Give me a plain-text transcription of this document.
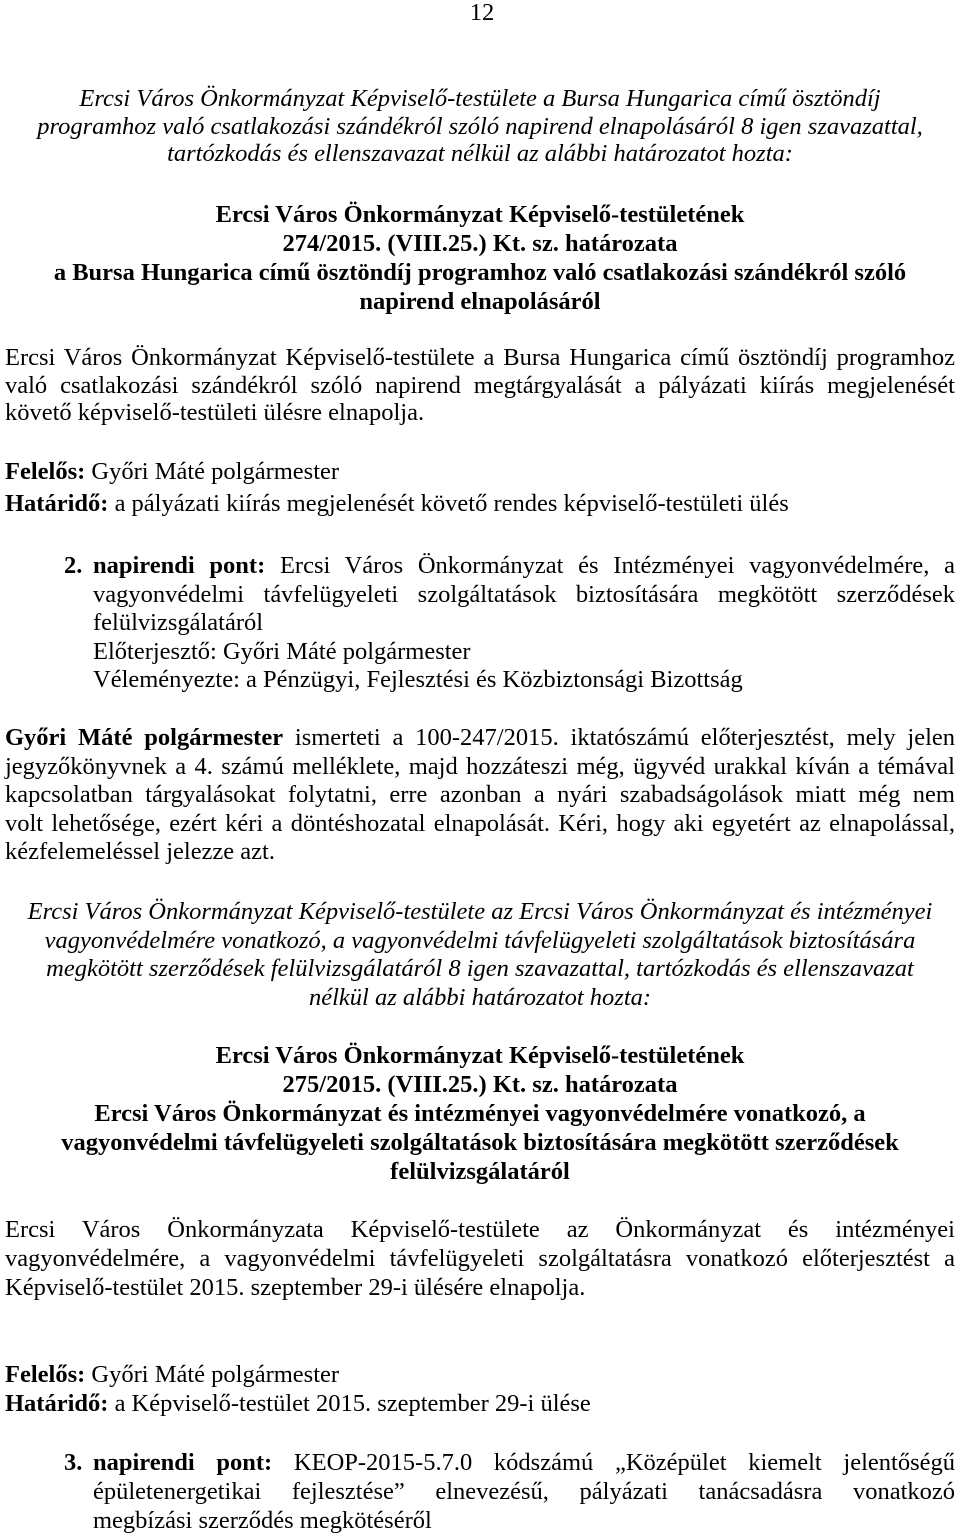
12
Ercsi Város Önkormányzat Képviselő-testülete a Bursa Hungarica című ösztöndíj
programhoz való csatlakozási szándékról szóló napirend elnapolásáról 8 igen szavazattal,
tartózkodás és ellenszavazat nélkül az alábbi határozatot hozta:
Ercsi Város Önkormányzat Képviselő-testületének
274/2015. (VIII.25.) Kt. sz. határozata
a Bursa Hungarica című ösztöndíj programhoz való csatlakozási szándékról szóló
napirend elnapolásáról
Ercsi Város Önkormányzat Képviselő-testülete a Bursa Hungarica című ösztöndíj programhoz
való csatlakozási szándékról szóló napirend megtárgyalását a pályázati kiírás megjelenését
követő képviselő-testületi ülésre elnapolja.
Felelős: Győri Máté polgármester
Határidő: a pályázati kiírás megjelenését követő rendes képviselő-testületi ülés
2. napirendi pont: Ercsi Város Önkormányzat és Intézményei vagyonvédelmére, a
vagyonvédelmi távfelügyeleti szolgáltatások biztosítására megkötött szerződések
felülvizsgálatáról
Előterjesztő: Győri Máté polgármester
Véleményezte: a Pénzügyi, Fejlesztési és Közbiztonsági Bizottság
Győri Máté polgármester ismerteti a 100-247/2015. iktatószámú előterjesztést, mely jelen
jegyzőkönyvnek a 4. számú melléklete, majd hozzáteszi még, ügyvéd urakkal kíván a témával
kapcsolatban tárgyalásokat folytatni, erre azonban a nyári szabadságolások miatt még nem
volt lehetősége, ezért kéri a döntéshozatal elnapolását. Kéri, hogy aki egyetért az elnapolással,
kézfelemeléssel jelezze azt.
Ercsi Város Önkormányzat Képviselő-testülete az Ercsi Város Önkormányzat és intézményei
vagyonvédelmére vonatkozó, a vagyonvédelmi távfelügyeleti szolgáltatások biztosítására
megkötött szerződések felülvizsgálatáról 8 igen szavazattal, tartózkodás és ellenszavazat
nélkül az alábbi határozatot hozta:
Ercsi Város Önkormányzat Képviselő-testületének
275/2015. (VIII.25.) Kt. sz. határozata
Ercsi Város Önkormányzat és intézményei vagyonvédelmére vonatkozó, a
vagyonvédelmi távfelügyeleti szolgáltatások biztosítására megkötött szerződések
felülvizsgálatáról
Ercsi Város Önkormányzata Képviselő-testülete az Önkormányzat és intézményei
vagyonvédelmére, a vagyonvédelmi távfelügyeleti szolgáltatásra vonatkozó előterjesztést a
Képviselő-testület 2015. szeptember 29-i ülésére elnapolja.
Felelős: Győri Máté polgármester
Határidő: a Képviselő-testület 2015. szeptember 29-i ülése
3. napirendi pont: KEOP-2015-5.7.0 kódszámú „Középület kiemelt jelentőségű
épületenergetikai fejlesztése” elnevezésű, pályázati tanácsadásra vonatkozó
megbízási szerződés megkötéséről
